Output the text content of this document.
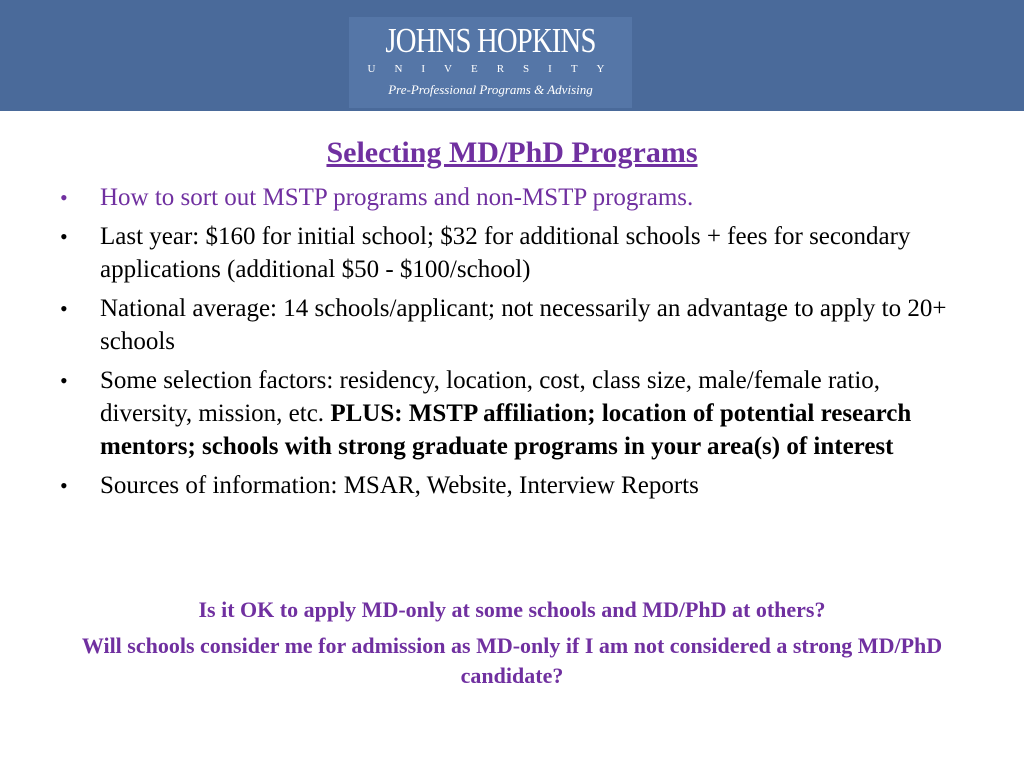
JOHNS HOPKINS
UNIVERSITY
Pre-Professional Programs & Advising
Selecting MD/PhD Programs
• How to sort out MSTP programs and non-MSTP programs.
• Last year: $160 for initial school; $32 for additional schools + fees for secondary applications (additional $50 - $100/school)
• National average: 14 schools/applicant; not necessarily an advantage to apply to 20+ schools
• Some selection factors: residency, location, cost, class size, male/female ratio, diversity, mission, etc. PLUS: MSTP affiliation; location of potential research mentors; schools with strong graduate programs in your area(s) of interest
• Sources of information: MSAR, Website, Interview Reports
Is it OK to apply MD-only at some schools and MD/PhD at others?
Will schools consider me for admission as MD-only if I am not considered a strong MD/PhD candidate?
